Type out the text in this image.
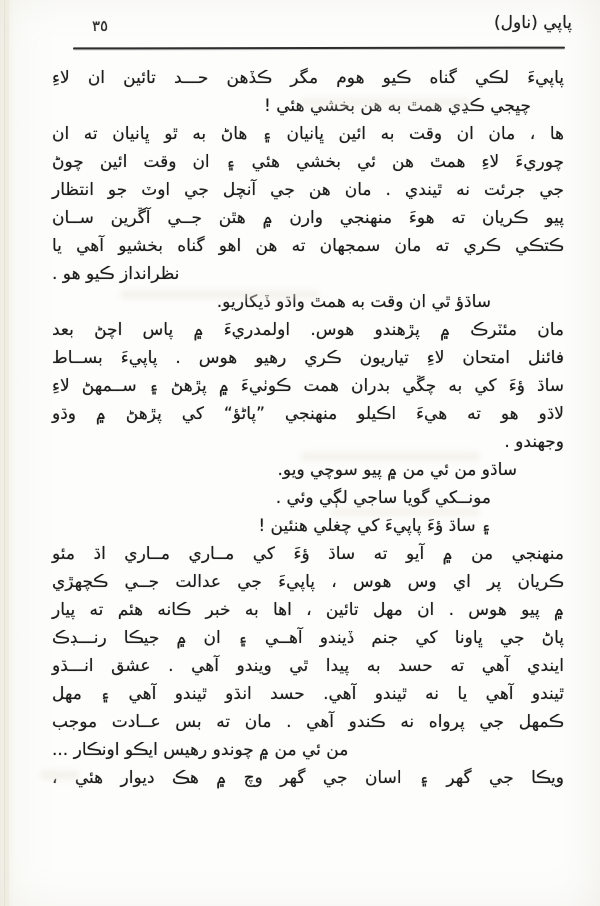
پاپي (ناول)
٣٥
پاپيءَ لڪي گناه ڪيو هوم مگر ڪڏهن حـــد تائين ان لاءِ
چڀجي ڪڍي همٿ به هن بخشي هئي !
ها ، مان ان وقت به ائين ڀانيان ۽ هاڻ به ٿو ڀانيان ته ان
چوريءَ لاءِ همٿ هن ئي بخشي هئي ۽ ان وقت ائين چوڻ
جي جرئت نه ٿيندي . مان هن جي آنچل جي اوٽ جو انتظار
پيو ڪريان ته هوءَ منهنجي وارن ۾ هٿن جــي آڱرين ســان
ڪتڪي ڪري ته مان سمجهان ته هن اهو گناه بخشيو آهي يا
نظرانداز ڪيو هو .
ساڌؤ ٿي ان وقت به همٿ واڌو ڏيکاريو.
مان مئٽرڪ ۾ پڙهندو هوس. اولمدريءَ ۾ پاس اچڻ بعد
فائنل امتحان لاءِ تياريون ڪري رهيو هوس . پاپيءَ بســاط
ساڌ ؤءَ کي به چڱي بدران همت ڪوٺيءَ ۾ پڙهڻ ۽ ســمهڻ لاءِ
لاڌو هو ته هيءَ اڪيلو منهنجي ”پاڻؤ“ کي پڙهڻ ۾ وڌو
وجهندو .
ساڌو من ئي من ۾ پيو سوچي ويو.
مونــکي گويا ساجي لڳي وئي .
۽ ساڌ ؤءَ پاپيءَ کي چغلي هنئين !
منهنجي من ۾ آيو ته ساڌ ؤءَ کي مــاري مــاري اڌ مئو
ڪريان پر اي وس هوس ، پاپيءَ جي عدالت جــي ڪچهڙي
۾ پيو هوس . ان مهل تائين ، اها به خبر ڪانه هئم ته پيار
پاڻ جي ڀاونا کي جنم ڏيندو آهــي ۽ ان ۾ جيڪا رنـــڊڪ
ايندي آهي ته حسد به پيدا ٿي ويندو آهي . عشق انـــڌو
ٿيندو آهي يا نه ٿيندو آهي. حسد انڌو ٿيندو آهي ۽ مهل
ڪمهل جي پرواه نه ڪندو آهي . مان ته بس عــادت موجب
من ئي من ۾ چوندو رهيس ايڪو اونڪار ...
ويڪا جي گهر ۽ اسان جي گهر وچ ۾ هڪ ديوار هئي ،
